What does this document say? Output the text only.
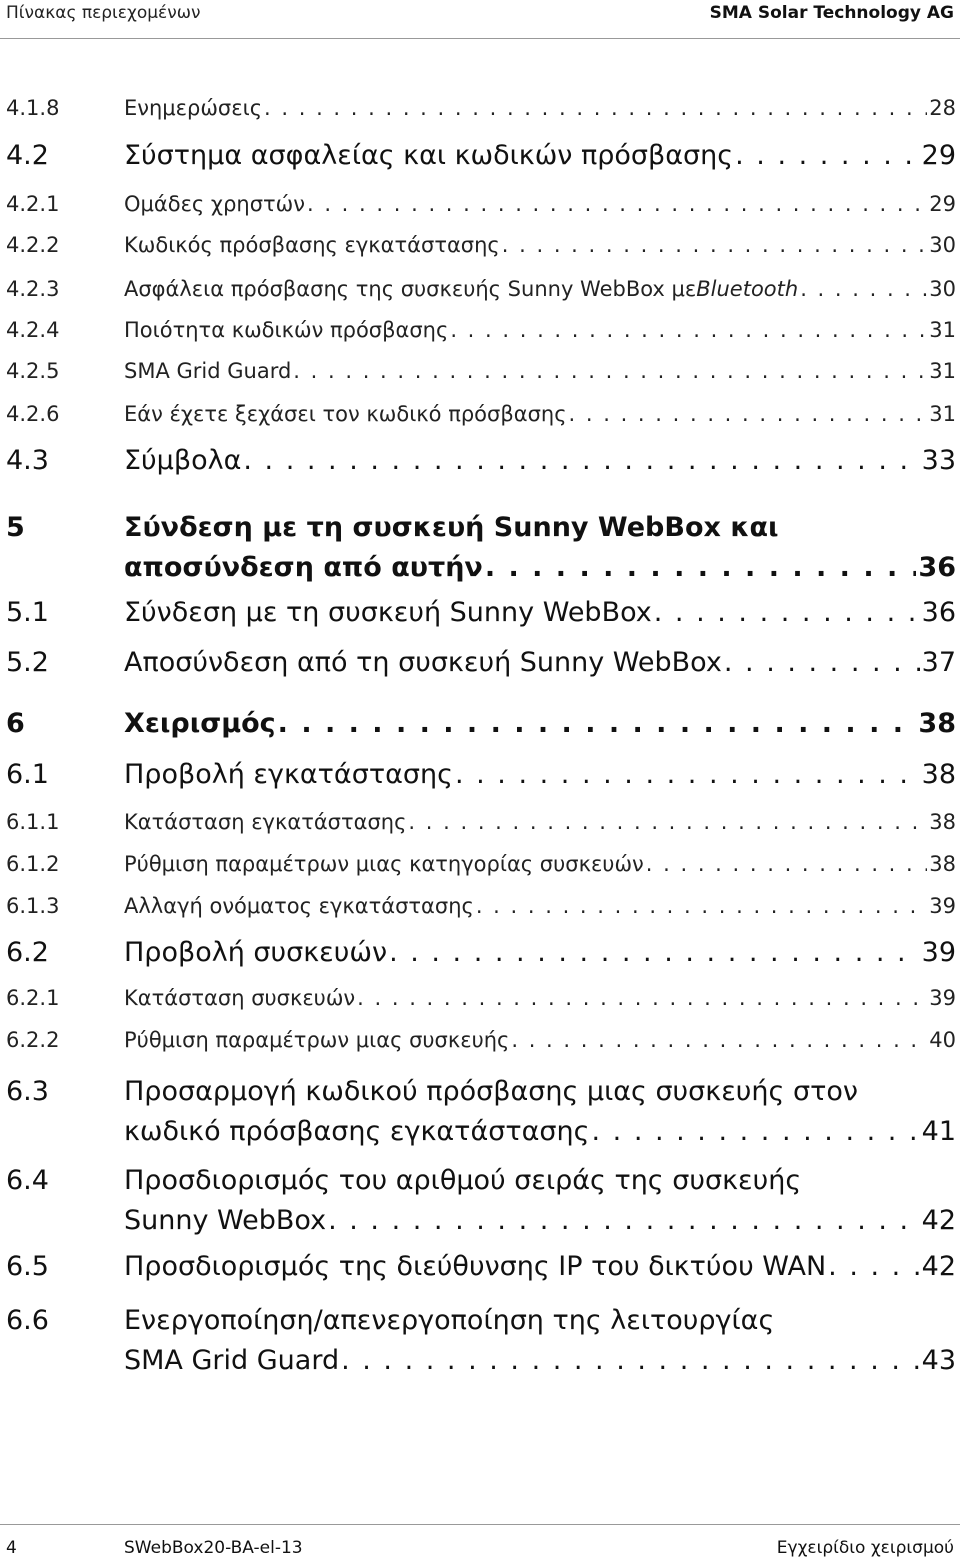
Πίνακας περιεχομένων	SMA Solar Technology AG
4.1.8	Ενημερώσεις . . .	28
4.2	Σύστημα ασφαλείας και κωδικών πρόσβασης . . .	29
4.2.1	Ομάδες χρηστών . . .	29
4.2.2	Κωδικός πρόσβασης εγκατάστασης . . .	30
4.2.3	Ασφάλεια πρόσβασης της συσκευής Sunny WebBox με Bluetooth . . .	30
4.2.4	Ποιότητα κωδικών πρόσβασης . . .	31
4.2.5	SMA Grid Guard . . .	31
4.2.6	Εάν έχετε ξεχάσει τον κωδικό πρόσβασης . . .	31
4.3	Σύμβολα . . .	33
5	Σύνδεση με τη συσκευή Sunny WebBox και
αποσύνδεση από αυτήν . . .	36
5.1	Σύνδεση με τη συσκευή Sunny WebBox . . .	36
5.2	Αποσύνδεση από τη συσκευή Sunny WebBox . . .	37
6	Χειρισμός . . .	38
6.1	Προβολή εγκατάστασης . . .	38
6.1.1	Κατάσταση εγκατάστασης . . .	38
6.1.2	Ρύθμιση παραμέτρων μιας κατηγορίας συσκευών . . .	38
6.1.3	Αλλαγή ονόματος εγκατάστασης . . .	39
6.2	Προβολή συσκευών . . .	39
6.2.1	Κατάσταση συσκευών . . .	39
6.2.2	Ρύθμιση παραμέτρων μιας συσκευής . . .	40
6.3	Προσαρμογή κωδικού πρόσβασης μιας συσκευής στον
κωδικό πρόσβασης εγκατάστασης . . .	41
6.4	Προσδιορισμός του αριθμού σειράς της συσκευής
Sunny WebBox . . .	42
6.5	Προσδιορισμός της διεύθυνσης IP του δικτύου WAN . . .	42
6.6	Ενεργοποίηση/απενεργοποίηση της λειτουργίας
SMA Grid Guard . . .	43
4	SWebBox20-BA-el-13	Εγχειρίδιο χειρισμού
